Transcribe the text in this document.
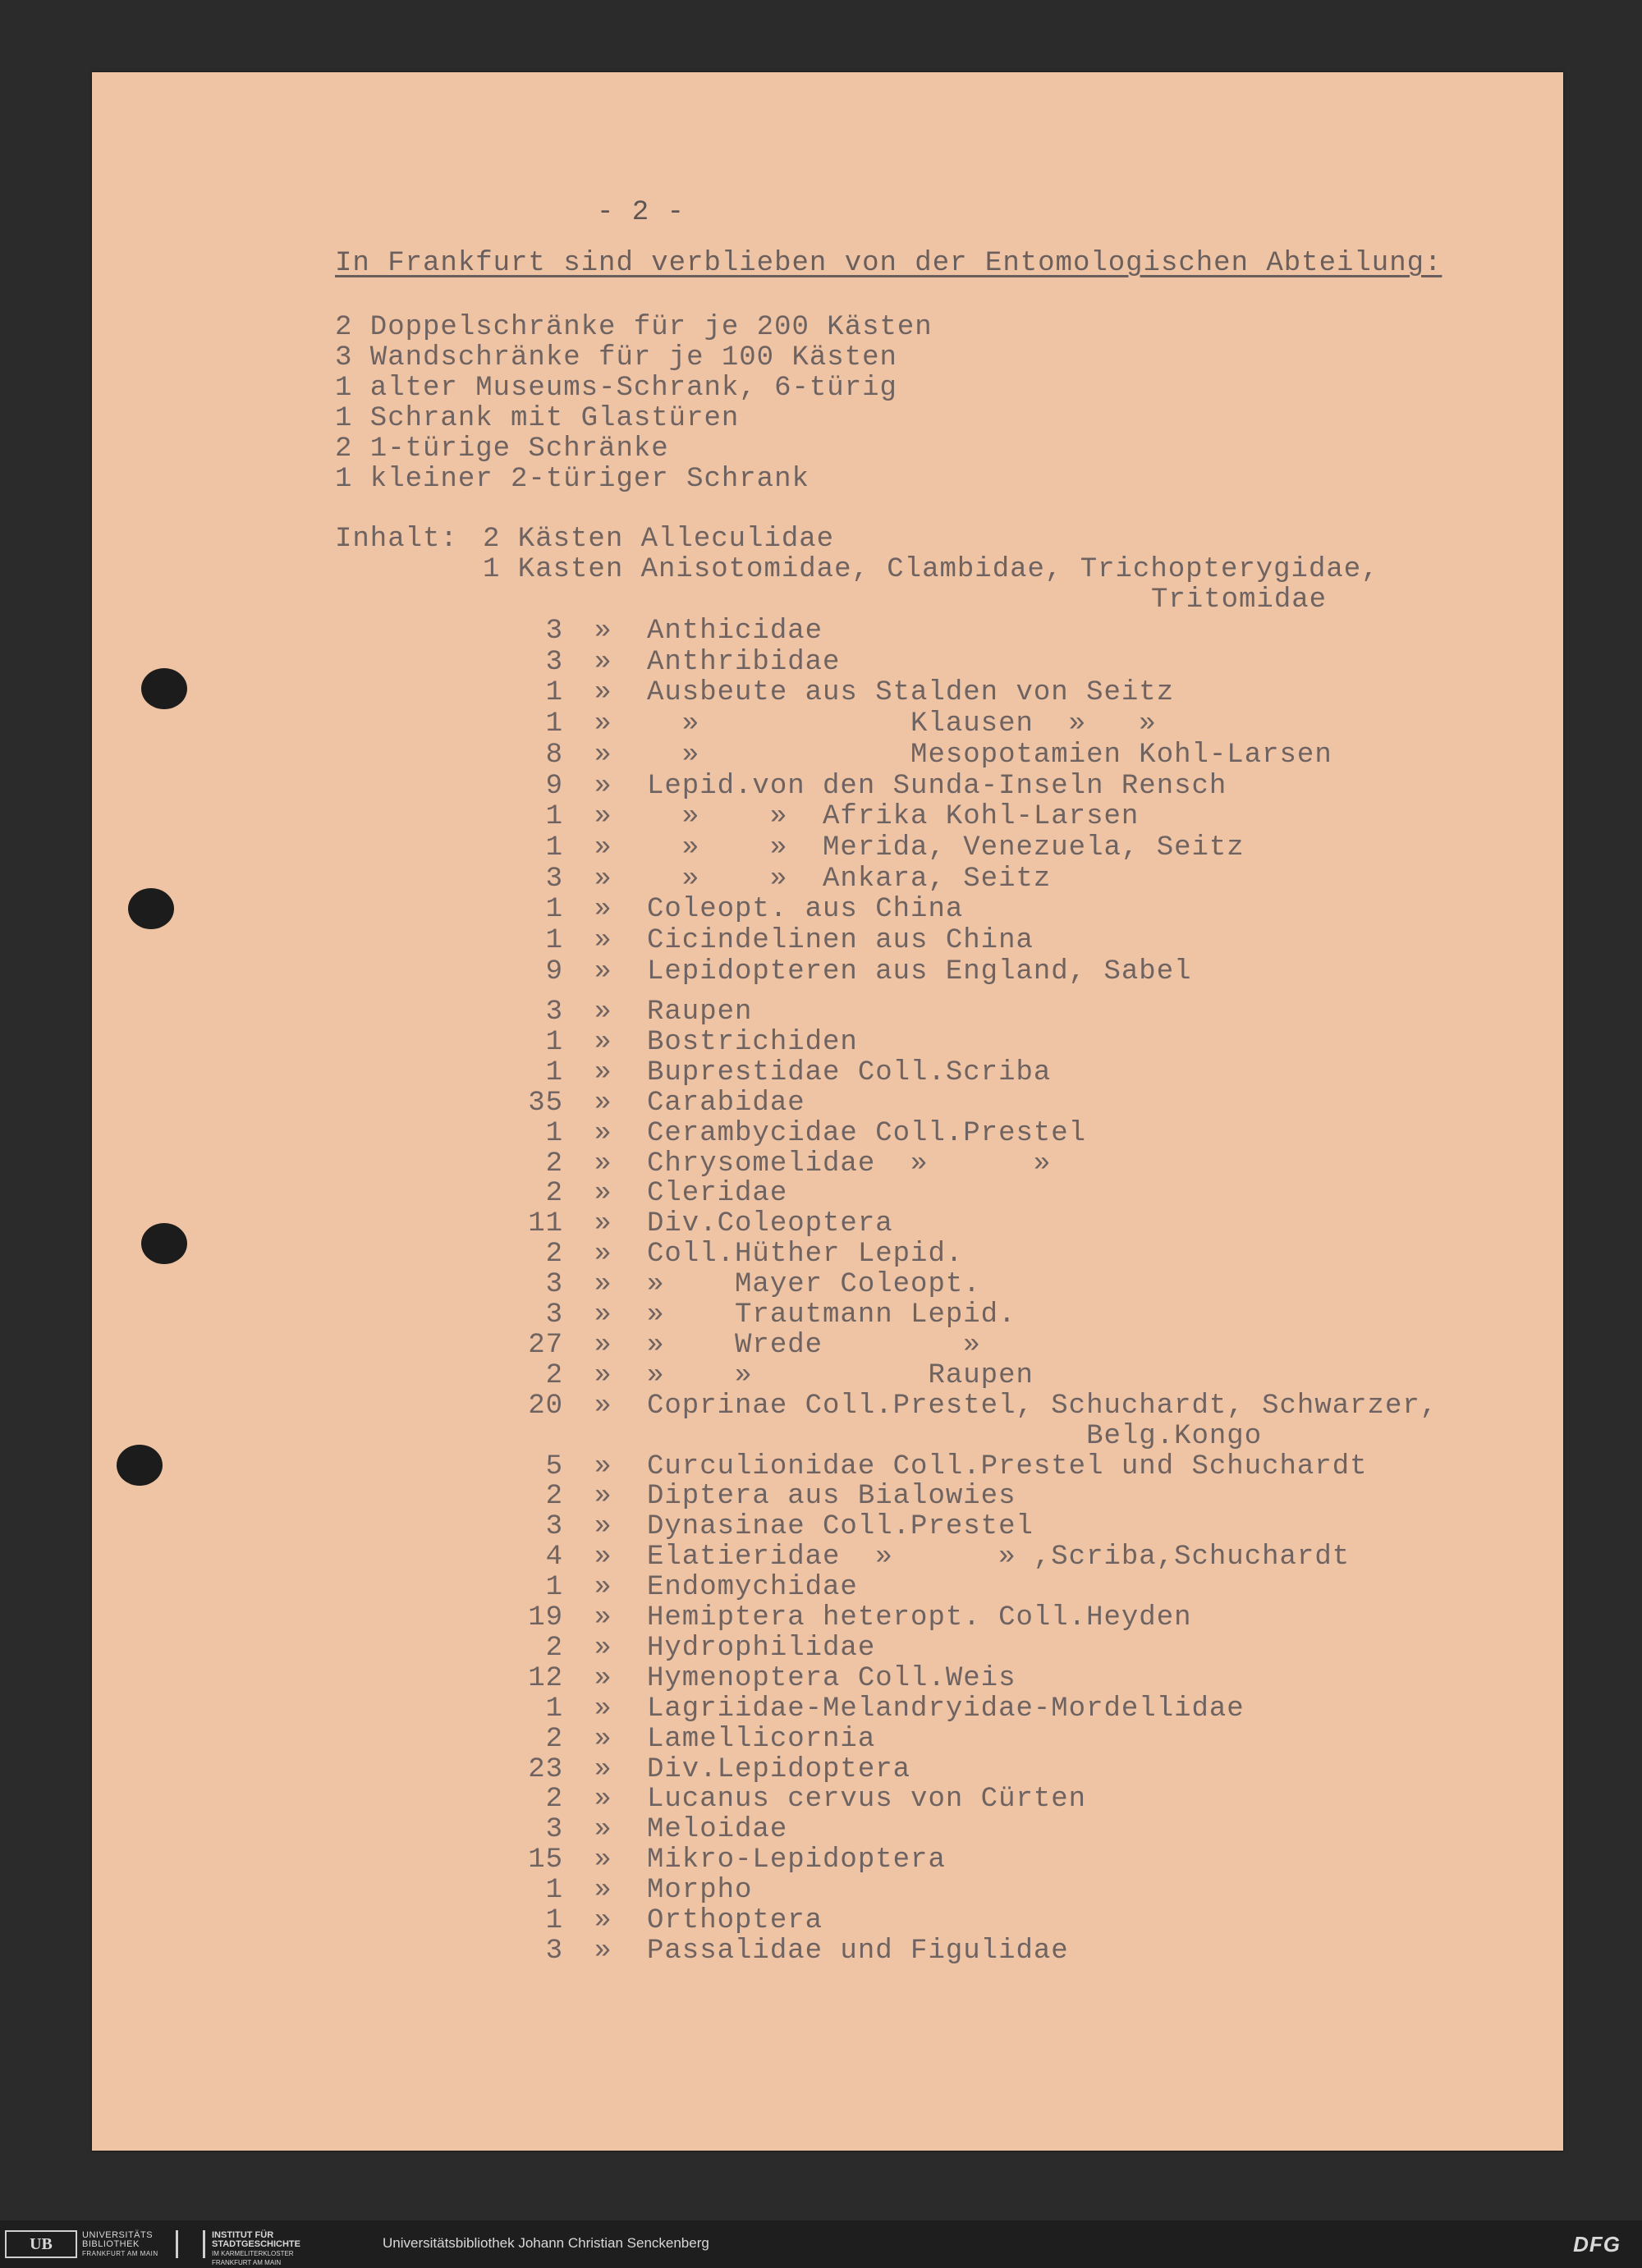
- 2 -
In Frankfurt sind verblieben von der Entomologischen Abteilung:
2 Doppelschränke für je 200 Kästen
3 Wandschränke für je 100 Kästen
1 alter Museums-Schrank, 6-türig
1 Schrank mit Glastüren
2 1-türige Schränke
1 kleiner 2-türiger Schrank
Inhalt: 2 Kästen Alleculidae
1 Kasten Anisotomidae, Clambidae, Trichopterygidae,
Tritomidae
3 » Anthicidae
3 » Anthribidae
1 » Ausbeute aus Stalden von Seitz
1 » »            Klausen  »   »
8 » »            Mesopotamien Kohl-Larsen
9 » Lepid.von den Sunda-Inseln Rensch
1 » »    »  Afrika Kohl-Larsen
1 » »    »  Merida, Venezuela, Seitz
3 » »    »  Ankara, Seitz
1 » Coleopt. aus China
1 » Cicindelinen aus China
9 » Lepidopteren aus England, Sabel
3 » Raupen
1 » Bostrichiden
1 » Buprestidae Coll.Scriba
35 » Carabidae
1 » Cerambycidae Coll.Prestel
2 » Chrysomelidae  »      »
2 » Cleridae
11 » Div.Coleoptera
2 » Coll.Hüther Lepid.
3 » »    Mayer Coleopt.
3 » »    Trautmann Lepid.
27 » »    Wrede        »
2 » »    »          Raupen
20 » Coprinae Coll.Prestel, Schuchardt, Schwarzer,
Belg.Kongo
5 » Curculionidae Coll.Prestel und Schuchardt
2 » Diptera aus Bialowies
3 » Dynasinae Coll.Prestel
4 » Elatieridae  »      » ,Scriba,Schuchardt
1 » Endomychidae
19 » Hemiptera heteropt. Coll.Heyden
2 » Hydrophilidae
12 » Hymenoptera Coll.Weis
1 » Lagriidae-Melandryidae-Mordellidae
2 » Lamellicornia
23 » Div.Lepidoptera
2 » Lucanus cervus von Cürten
3 » Meloidae
15 » Mikro-Lepidoptera
1 » Morpho
1 » Orthoptera
3 » Passalidae und Figulidae
UB	UNIVERSITÄTS
BIBLIOTHEK
FRANKFURT AM MAIN
INSTITUT FÜR
STADTGESCHICHTE
IM KARMELITERKLOSTER
FRANKFURT AM MAIN
Universitätsbibliothek Johann Christian Senckenberg	DFG
